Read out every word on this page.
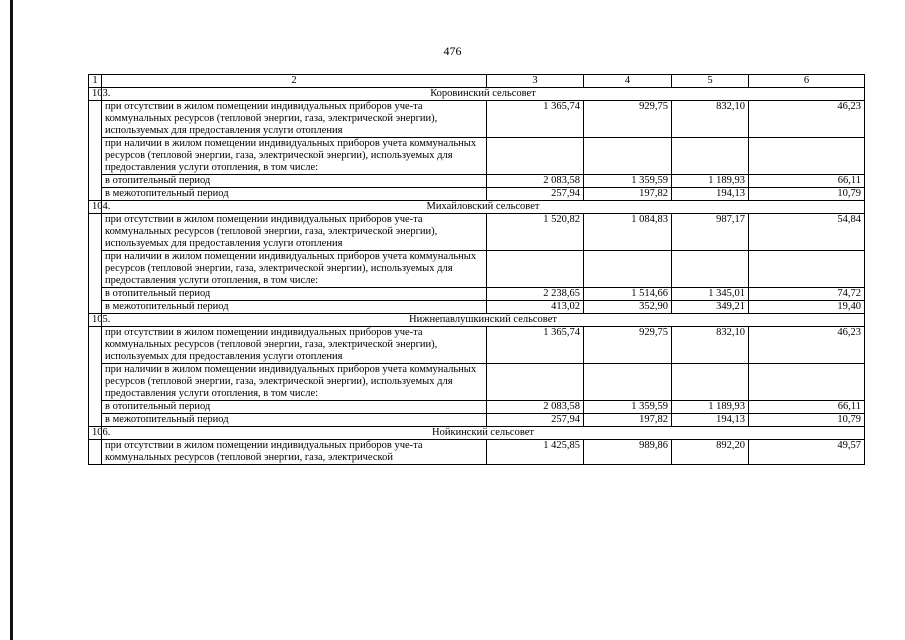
476
1	2	3	4	5	6
103.	Коровинский сельсовет				
	при отсутствии в жилом помещении индивидуальных приборов уче-та коммунальных ресурсов (тепловой энергии, газа, электрической энергии), используемых для предоставления услуги отопления	1 365,74	929,75	832,10	46,23
	при наличии в жилом помещении индивидуальных приборов учета коммунальных ресурсов (тепловой энергии, газа, электрической энергии), используемых для предоставления услуги отопления, в том числе:				
	в отопительный период	2 083,58	1 359,59	1 189,93	66,11
	в межотопительный период	257,94	197,82	194,13	10,79
104.	Михайловский сельсовет				
	при отсутствии в жилом помещении индивидуальных приборов уче-та коммунальных ресурсов (тепловой энергии, газа, электрической энергии), используемых для предоставления услуги отопления	1 520,82	1 084,83	987,17	54,84
	при наличии в жилом помещении индивидуальных приборов учета коммунальных ресурсов (тепловой энергии, газа, электрической энергии), используемых для предоставления услуги отопления, в том числе:				
	в отопительный период	2 238,65	1 514,66	1 345,01	74,72
	в межотопительный период	413,02	352,90	349,21	19,40
105.	Нижнепавлушкинский сельсовет				
	при отсутствии в жилом помещении индивидуальных приборов уче-та коммунальных ресурсов (тепловой энергии, газа, электрической энергии), используемых для предоставления услуги отопления	1 365,74	929,75	832,10	46,23
	при наличии в жилом помещении индивидуальных приборов учета коммунальных ресурсов (тепловой энергии, газа, электрической энергии), используемых для предоставления услуги отопления, в том числе:				
	в отопительный период	2 083,58	1 359,59	1 189,93	66,11
	в межотопительный период	257,94	197,82	194,13	10,79
106.	Нойкинский сельсовет				
	при отсутствии в жилом помещении индивидуальных приборов уче-та коммунальных ресурсов (тепловой энергии, газа, электрической	1 425,85	989,86	892,20	49,57
